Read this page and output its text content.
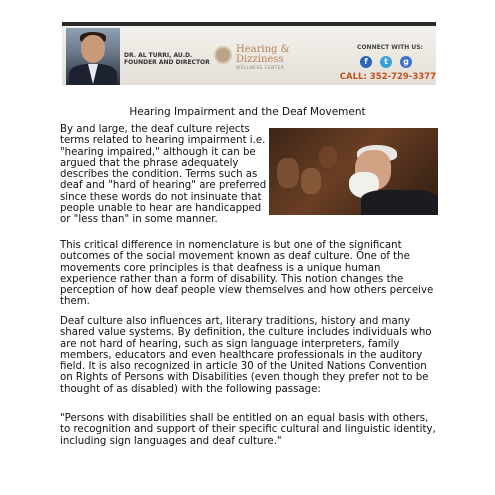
DR. AL TURRI, AU.D.
FOUNDER AND DIRECTOR
Hearing &
Dizziness
WELLNESS CENTER
CONNECT WITH US:
f	t	g
CALL: 352-729-3377
Hearing Impairment and the Deaf Movement

By and large, the deaf culture rejects terms related to hearing impairment i.e. "hearing impaired," although it can be argued that the phrase adequately describes the condition. Terms such as deaf and "hard of hearing" are preferred since these words do not insinuate that people unable to hear are handicapped or "less than" in some manner.

This critical difference in nomenclature is but one of the significant outcomes of the social movement known as deaf culture. One of the movements core principles is that deafness is a unique human experience rather than a form of disability. This notion changes the perception of how deaf people view themselves and how others perceive them.

Deaf culture also influences art, literary traditions, history and many shared value systems. By definition, the culture includes individuals who are not hard of hearing, such as sign language interpreters, family members, educators and even healthcare professionals in the auditory field. It is also recognized in article 30 of the United Nations Convention on Rights of Persons with Disabilities (even though they prefer not to be thought of as disabled) with the following passage:

"Persons with disabilities shall be entitled on an equal basis with others, to recognition and support of their specific cultural and linguistic identity, including sign languages and deaf culture."
